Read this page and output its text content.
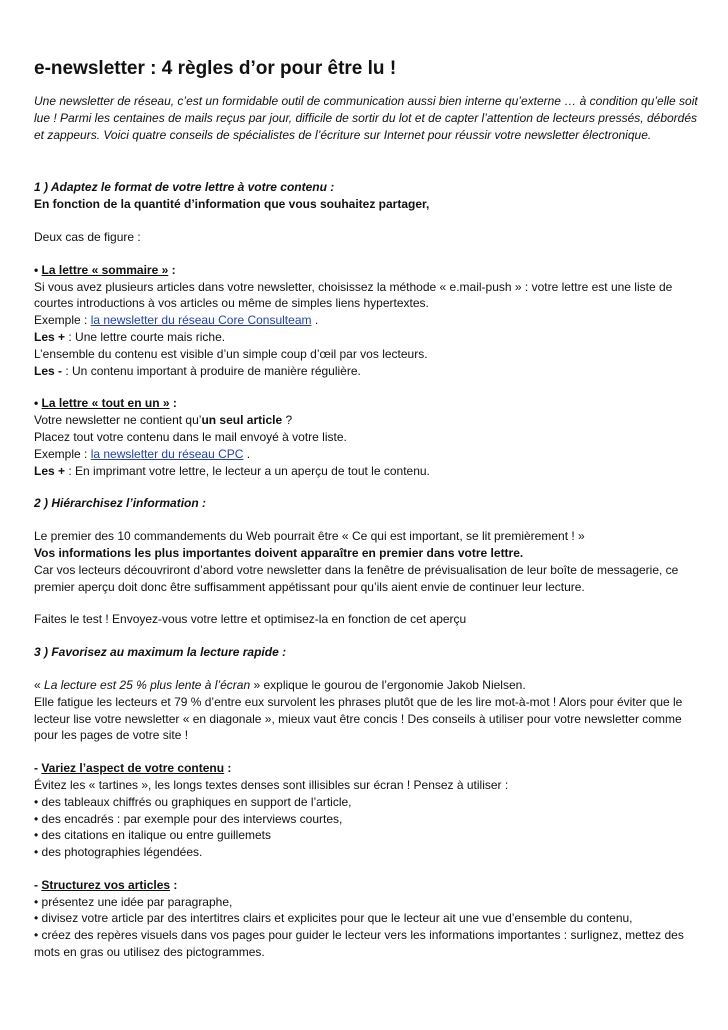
e-newsletter : 4 règles d’or pour être lu !

Une newsletter de réseau, c’est un formidable outil de communication aussi bien interne qu’externe … à condition qu’elle soit lue ! Parmi les centaines de mails reçus par jour, difficile de sortir du lot et de capter l’attention de lecteurs pressés, débordés et zappeurs. Voici quatre conseils de spécialistes de l’écriture sur Internet pour réussir votre newsletter électronique.

1 ) Adaptez le format de votre lettre à votre contenu :

En fonction de la quantité d’information que vous souhaitez partager,

Deux cas de figure :

• La lettre « sommaire » :

Si vous avez plusieurs articles dans votre newsletter, choisissez la méthode « e.mail-push » : votre lettre est une liste de courtes introductions à vos articles ou même de simples liens hypertextes.

Exemple : la newsletter du réseau Core Consulteam .

Les + : Une lettre courte mais riche.

L’ensemble du contenu est visible d’un simple coup d’œil par vos lecteurs.

Les - : Un contenu important à produire de manière régulière.

• La lettre « tout en un » :

Votre newsletter ne contient qu’un seul article ?

Placez tout votre contenu dans le mail envoyé à votre liste.

Exemple : la newsletter du réseau CPC .

Les + : En imprimant votre lettre, le lecteur a un aperçu de tout le contenu.

2 ) Hiérarchisez l’information :

Le premier des 10 commandements du Web pourrait être « Ce qui est important, se lit premièrement ! »

Vos informations les plus importantes doivent apparaître en premier dans votre lettre.

Car vos lecteurs découvriront d’abord votre newsletter dans la fenêtre de prévisualisation de leur boîte de messagerie, ce premier aperçu doit donc être suffisamment appétissant pour qu’ils aient envie de continuer leur lecture.

Faites le test ! Envoyez-vous votre lettre et optimisez-la en fonction de cet aperçu

3 ) Favorisez au maximum la lecture rapide :

« La lecture est 25 % plus lente à l’écran » explique le gourou de l’ergonomie Jakob Nielsen.

Elle fatigue les lecteurs et 79 % d’entre eux survolent les phrases plutôt que de les lire mot-à-mot ! Alors pour éviter que le lecteur lise votre newsletter « en diagonale », mieux vaut être concis ! Des conseils à utiliser pour votre newsletter comme pour les pages de votre site !

- Variez l’aspect de votre contenu :

Évitez les « tartines », les longs textes denses sont illisibles sur écran ! Pensez à utiliser :

• des tableaux chiffrés ou graphiques en support de l’article,

• des encadrés : par exemple pour des interviews courtes,

• des citations en italique ou entre guillemets

• des photographies légendées.

- Structurez vos articles :

• présentez une idée par paragraphe,

• divisez votre article par des intertitres clairs et explicites pour que le lecteur ait une vue d’ensemble du contenu,

• créez des repères visuels dans vos pages pour guider le lecteur vers les informations importantes : surlignez, mettez des mots en gras ou utilisez des pictogrammes.
